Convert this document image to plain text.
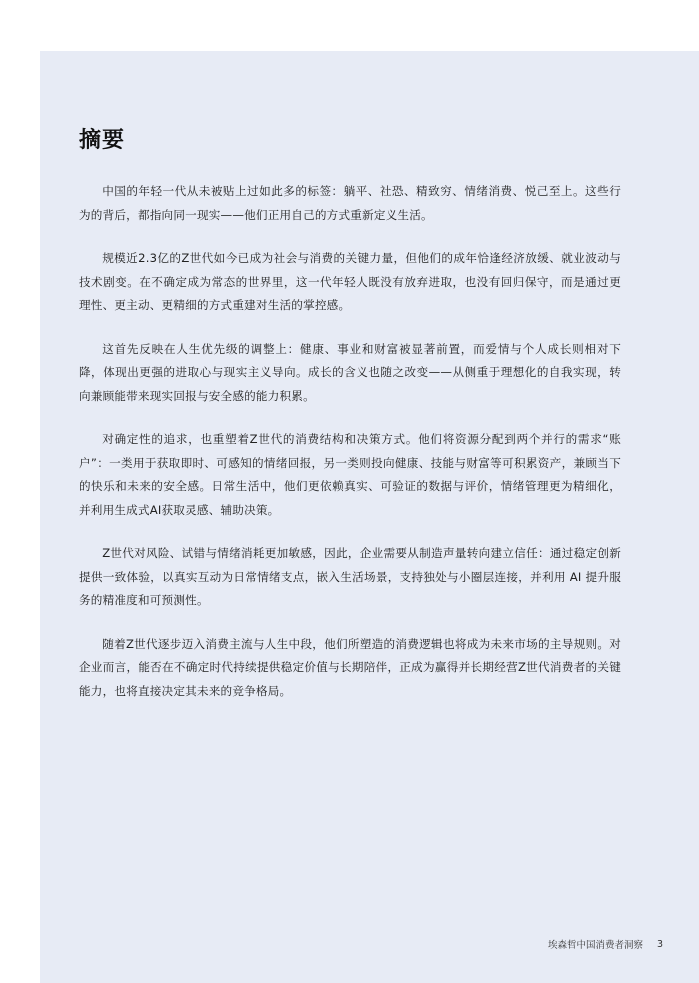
摘要

中国的年轻一代从未被贴上过如此多的标签：躺平、社恐、精致穷、情绪消费、悦己至上。这些行为的背后，都指向同一现实——他们正用自己的方式重新定义生活。

规模近2.3亿的Z世代如今已成为社会与消费的关键力量，但他们的成年恰逢经济放缓、就业波动与技术剧变。在不确定成为常态的世界里，这一代年轻人既没有放弃进取，也没有回归保守，而是通过更理性、更主动、更精细的方式重建对生活的掌控感。

这首先反映在人生优先级的调整上：健康、事业和财富被显著前置，而爱情与个人成长则相对下降，体现出更强的进取心与现实主义导向。成长的含义也随之改变——从侧重于理想化的自我实现，转向兼顾能带来现实回报与安全感的能力积累。

对确定性的追求，也重塑着Z世代的消费结构和决策方式。他们将资源分配到两个并行的需求“账户”：一类用于获取即时、可感知的情绪回报，另一类则投向健康、技能与财富等可积累资产，兼顾当下的快乐和未来的安全感。日常生活中，他们更依赖真实、可验证的数据与评价，情绪管理更为精细化，并利用生成式AI获取灵感、辅助决策。

Z世代对风险、试错与情绪消耗更加敏感，因此，企业需要从制造声量转向建立信任：通过稳定创新提供一致体验，以真实互动为日常情绪支点，嵌入生活场景，支持独处与小圈层连接，并利用 AI 提升服务的精准度和可预测性。

随着Z世代逐步迈入消费主流与人生中段，他们所塑造的消费逻辑也将成为未来市场的主导规则。对企业而言，能否在不确定时代持续提供稳定价值与长期陪伴，正成为赢得并长期经营Z世代消费者的关键能力，也将直接决定其未来的竞争格局。

埃森哲中国消费者洞察 3
